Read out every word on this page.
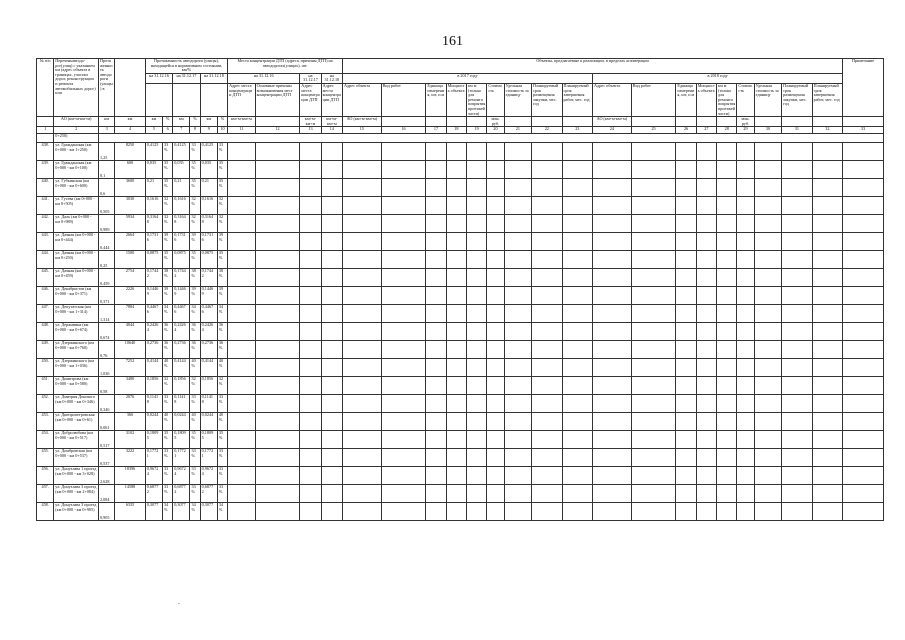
161
№ п/п	Переченьавтодо-рог(улиц) с указанием км (адрес объекта в границах, участки дорог, реконструкции и ремонта автомобильных дорог) или	Протяженность автодороги (улицы) в		Протяженность автодороги (улицы), находящейся в нормативном состоянии, км/%						Места концентрации ДТП (адреса, причины ДТП) на автодорогах(улицах), шт.				Объекты, предлагаемые к реализации, в пределах агломерации																		Примечание
				на 31.12.16		на 31.12.17		на 31.12.18		на 31.12.16		на 31.12.17	на 31.12.18	в 2017 году									в 2018 году									
										Адрес места концентрации ДТП	Основные причины возникновения мест концентрации ДТП	Адрес места концентрации ДТП	Адрес места концентрации ДТП	Адрес объекта	Вид работ	Единица измерения, шт, п.м	Мощность объекта	км м (только для ремонта покрытия проезжей части)	Стоимость	Удельная стоимость за единицу	Планируемый срок размещения закупки, мес. год	Планируемый срок завершения работ, мес. год	Адрес объекта	Вид работ	Единица измерения, шт, п.м	Мощность объекта	км м (только для ремонта покрытия проезжей части)	Стоимость	Удельная стоимость за единицу	Планируемый срок размещения закупки, мес. год	Планируемый срок завершения работ, мес. год	
	АО (км+м-км+м)	км	км	км	%	км	%	км	%	км+м-км+м		км+м-км+м	км+м-км+м	АО (км+м-км+м)					млн. руб.				АО (км+м-км+м)					млн. руб.				
1	2	3	4	5	6	7	8	9	10	11	12	13	14	15	16	17	18	19	20	21	22	23	24	25	26	27	28	29	30	31	32	33
	0+250)																															
438.	ул. Гражданская (км 0+000 - км 1+250)	1,25	8250	0,4125	33%	0,4125	33%	0,4125	33%																							
439.	ул. Гражданская (км 0+000 - км 0+100)	0,1	600	0,035	35%	0,035	35%	0,035	35%																							
440.	ул. Губкинская (км 0+000 - км 0+600)	0,6	3600	0,21	35%	0,21	35%	0,21	35%																							
441.	ул. Гусева (км 0+000 - км 0+505)	0,505	3030	0,1616	32%	0,1616	32%	0,1616	32%																							
442.	ул. Даль (км 0+000 - км 0+989)	0,989	5934	0,3164 8	32%	0,3164 8	32%	0,3164 8	32%																							
443.	ул. Дачная (км 0+000 - км 0+444)	0,444	2664	0,1731 6	39%	0,1731 6	39%	0,1731 6	39%																							
444.	ул. Дачная (км 0+000 - км 0+250)	0,25	1500	0,0875	35%	0,0875	35%	0,0875	35%																							
445.	ул. Дачная (км 0+000 - км 0+459)	0,459	2754	0,1744 2	38%	0,1744 2	38%	0,1744 2	38%																							
446.	ул. Декабристов (км 0+000 - км 0+371)	0,371	2226	0,1446 9	39%	0,1446 9	39%	0,1446 9	39%																							
447.	ул. Депутатская (км 0+000 - км 1+314)	1,314	7884	0,4467 6	34%	0,4467 6	34%	0,4467 6	34%																							
448.	ул. Державина (км 0+000 - км 0+674)	0,674	4044	0,2426 4	36%	0,2426 4	36%	0,2426 4	36%																							
449.	ул. Дзержинского (км 0+000 - км 0+760)	0,76	10640	0,2736	36%	0,2736	36%	0,2736	36%																							
450.	ул. Дзержинского (км 0+000 - км 1+036)	1,036	7252	0,4144	40%	0,4144	40%	0,4144	40%																							
451.	ул. Димитрова (км 0+000 - км 0+580)	0,58	3480	0,1856	32%	0,1856	32%	0,1856	32%																							
452.	ул. Дмитрия Донского (км 0+000 - км 0+346)	0,346	2076	0,1141 8	33%	0,1141 8	33%	0,1141 8	33%																							
453.	ул. Днепропетровская (км 0+000 - км 0+61)	0,061	366	0,0244	40%	0,0244	40%	0,0244	40%																							
454.	ул. Добролюбова (км 0+000 - км 0+517)	0,517	3102	0,1809 5	35%	0,1809 5	35%	0,1809 5	35%																							
455.	ул. Домбровская (км 0+000 - км 0+537)	0,537	3222	0,1772 1	33%	0,1772 1	33%	0,1772 1	33%																							
456.	ул. Донузлава 1 проезд (км 0+000 - км 3+028)	2,628	18396	0,9672 4	33%	0,9672 4	33%	0,9672 4	33%																							
457.	ул. Донузлава 3 проезд (км 0+000 - км 2+084)	2,084	14588	0,6877 2	33%	0,6877 2	33%	0,6877 2	33%																							
458.	ул. Донузлава 3 проезд (км 0+000 - км 0+905)	0,905	6335	0,3077	34%	0,3077	34%	0,3077	34%																							
.
